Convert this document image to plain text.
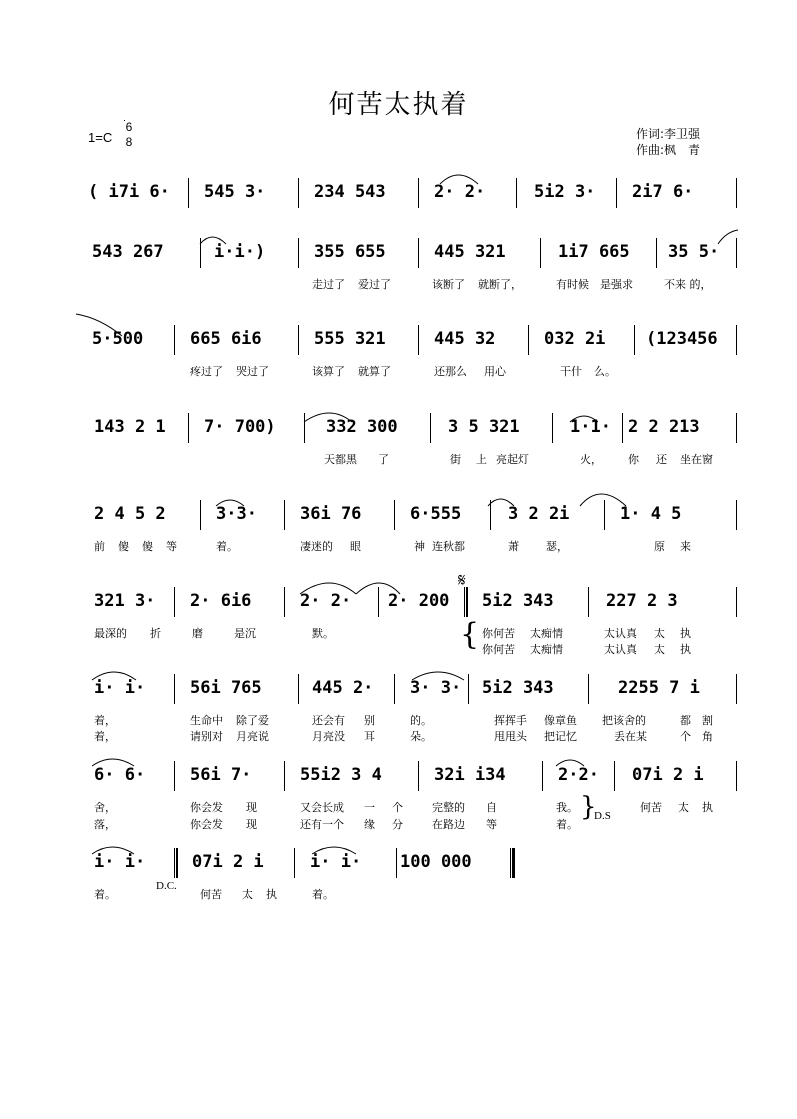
何苦太执着
1=C
6
8
作词:李卫强
作曲:枫　青
( i7i 6· 545 3·	234 543	2· 2·	5i2 3· 2i7 6·
543 267	i·i·)	355 655	445 321	1i7 665 35 5·
走过了 爱过了	该断了 就断了，	有时候 是强求	不来 的，
5·500	665 6i6	555 321	445 32	032 2i (123456
疼过了 哭过了	该算了 就算了	还那么 用心	干什 么。
143 2 1 7· 700)	332 300	3 5 321	1·1· 2 2 213
天都黑 了	街 上 亮起灯	火， 你 还 坐在窗
2 4 5 2	3·3·	36i 76	6·555	3 2 2i	1· 4 5
前 傻 傻 等	着。	凄迷的 眼	神 连秋都	萧 瑟，	原 来
321 3· 2· 6i6	2· 2· 2· 200 5i2 343	227 2 3
𝄋
最深的 折	磨	是沉	默。	{ 你何苦 太痴情	太认真 太 执
你何苦 太痴情	太认真 太 执
i· i·	56i 765	445 2· 3· 3· 5i2 343	2255 7 i
着，	生命中 除了爱	还会有 别	的。	挥挥手 像章鱼 把该舍的	都 割
着，	请别对 月亮说	月亮没 耳	朵。	甩甩头 把记忆	丢在某	个 角
6· 6·	56i 7·	55i2 3 4	32i i34	2·2· 07i 2 i
舍，	你会发 现	又会长成 一 个	完整的 自	我。	何苦 太 执
落，	你会发 现	还有一个 缘 分	在路边 等	着。
}
D.S
i· i·	07i 2 i	i· i· 100 000
着。
D.C.
何苦 太 执	着。
